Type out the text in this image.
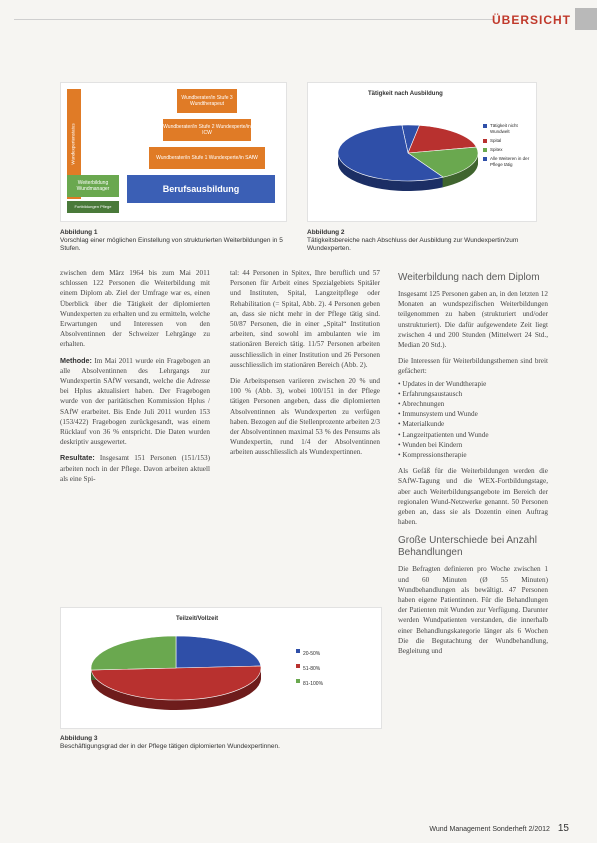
ÜBERSICHT
Wundexpertenstatus
Wundberater/in Stufe 3 Wundtherapeut
Wundberater/in Stufe 2 Wundexperte/in ICW
Wundberater/in Stufe 1 Wundexperte/in SAfW
Weiterbildung Wundmanager	Berufsausbildung
Fortbildungen Pflege
Abbildung 1
Vorschlag einer möglichen Einstellung von strukturierten Weiterbildungen in 5 Stufen.
Tätigkeit nach Ausbildung
Tätigkeit nicht Wundwelt
Spital
Spitex
Alle Weiteren in der Pflege tätig
Abbildung 2
Tätigkeitsbereiche nach Abschluss der Ausbildung zur Wundexpertin/zum Wundexperten.

zwischen dem März 1964 bis zum Mai 2011 schlossen 122 Personen die Weiterbildung mit einem Diplom ab. Ziel der Umfrage war es, einen Überblick über die Tätigkeit der diplomierten Wundexperten zu erhalten und zu ermitteln, welche Erwartungen und Interessen von den Absolventinnen der Schweizer Lehrgänge zu erhalten.

Methode: Im Mai 2011 wurde ein Fragebogen an alle Absolventinnen des Lehrgangs zur Wundexpertin SAfW versandt, welche die Adresse bei Hplus aktualisiert haben. Der Fragebogen wurde von der paritätischen Kommission Hplus / SAfW erarbeitet. Bis Ende Juli 2011 wurden 153 (153/422) Fragebogen zurückgesandt, was einem Rücklauf von 36 % entspricht. Die Daten wurden deskriptiv ausgewertet.

Resultate: Insgesamt 151 Personen (151/153) arbeiten noch in der Pflege. Davon arbeiten aktuell als eine Spi-

tal: 44 Personen in Spitex, Ihre beruflich und 57 Personen für Arbeit eines Spezialgebiets Spitäler und Instituten, Spital, Langzeitpflege oder Rehabilitation (= Spital, Abb. 2). 4 Personen geben an, dass sie nicht mehr in der Pflege tätig sind. 50/87 Personen, die in einer „Spital“ Institution arbeiten, sind sowohl im ambulanten wie im stationären Bereich tätig. 11/57 Personen arbeiten ausschliesslich in einer Institution und 26 Personen ausschliesslich im stationären Bereich (Abb. 2).

Die Arbeitspensen variieren zwischen 20 % und 100 % (Abb. 3), wobei 100/151 in der Pflege tätigen Personen angeben, dass die diplomierten Absolventinnen als Wundexperten zu verfügen haben. Bezogen auf die Stellenprozente arbeiten 2/3 der Absolventinnen maximal 53 % des Pensums als Wundexpertin, rund 1/4 der Absolventinnen arbeiten ausschliesslich als Wundexpertinnen.

Weiterbildung nach dem Diplom

Insgesamt 125 Personen gaben an, in den letzten 12 Monaten an wundspezifischen Weiterbildungen teilgenommen zu haben (strukturiert und/oder unstrukturiert). Die dafür aufgewendete Zeit liegt zwischen 4 und 200 Stunden (Mittelwert 24 Std., Median 20 Std.).

Die Interessen für Weiterbildungsthemen sind breit gefächert:

• Updates in der Wundtherapie
• Erfahrungsaustausch
• Abrechnungen
• Immunsystem und Wunde
• Materialkunde
• Langzeitpatienten und Wunde
• Wunden bei Kindern
• Kompressionstherapie

Als Gefäß für die Weiterbildungen werden die SAfW-Tagung und die WEX-Fortbildungstage, aber auch Weiterbildungsangebote im Bereich der regionalen Wund-Netzwerke genannt. 50 Personen geben an, dass sie als Dozentin einen Auftrag haben.

Große Unterschiede bei Anzahl Behandlungen

Die Befragten definieren pro Woche zwischen 1 und 60 Minuten (Ø 55 Minuten) Wundbehandlungen als bewältigt. 47 Personen haben eigene Patientinnen. Für die Behandlungen der Patienten mit Wunden zur Verfügung. Darunter werden Wundpatienten verstanden, die innerhalb einer Behandlungskategorie länger als 6 Wochen Die die Begutachtung der Wundbehandlung, Begleitung und

Teilzeit/Vollzeit
20-50%
51-80%
81-100%
Abbildung 3
Beschäftigungsgrad der in der Pflege tätigen diplomierten Wundexpertinnen.
Wund Management Sonderheft 2/2012 15
